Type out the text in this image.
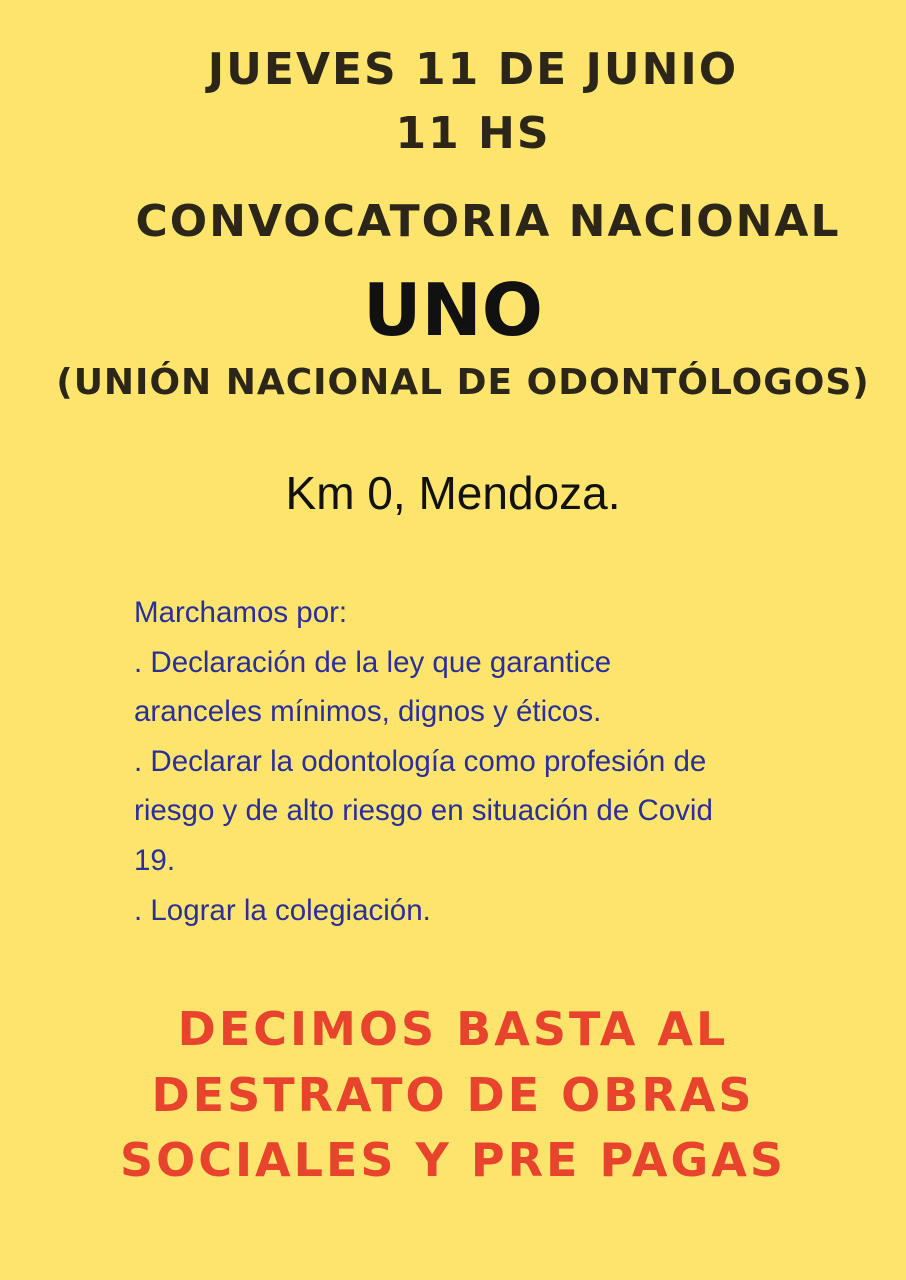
JUEVES 11 DE JUNIO
11 HS
CONVOCATORIA NACIONAL
UNO
(UNIÓN NACIONAL DE ODONTÓLOGOS)
Km 0, Mendoza.
Marchamos por:
. Declaración de la ley que garantice
aranceles mínimos, dignos y éticos.
. Declarar la odontología como profesión de
riesgo y de alto riesgo en situación de Covid
19.
. Lograr la colegiación.
DECIMOS BASTA AL
DESTRATO DE OBRAS
SOCIALES Y PRE PAGAS
